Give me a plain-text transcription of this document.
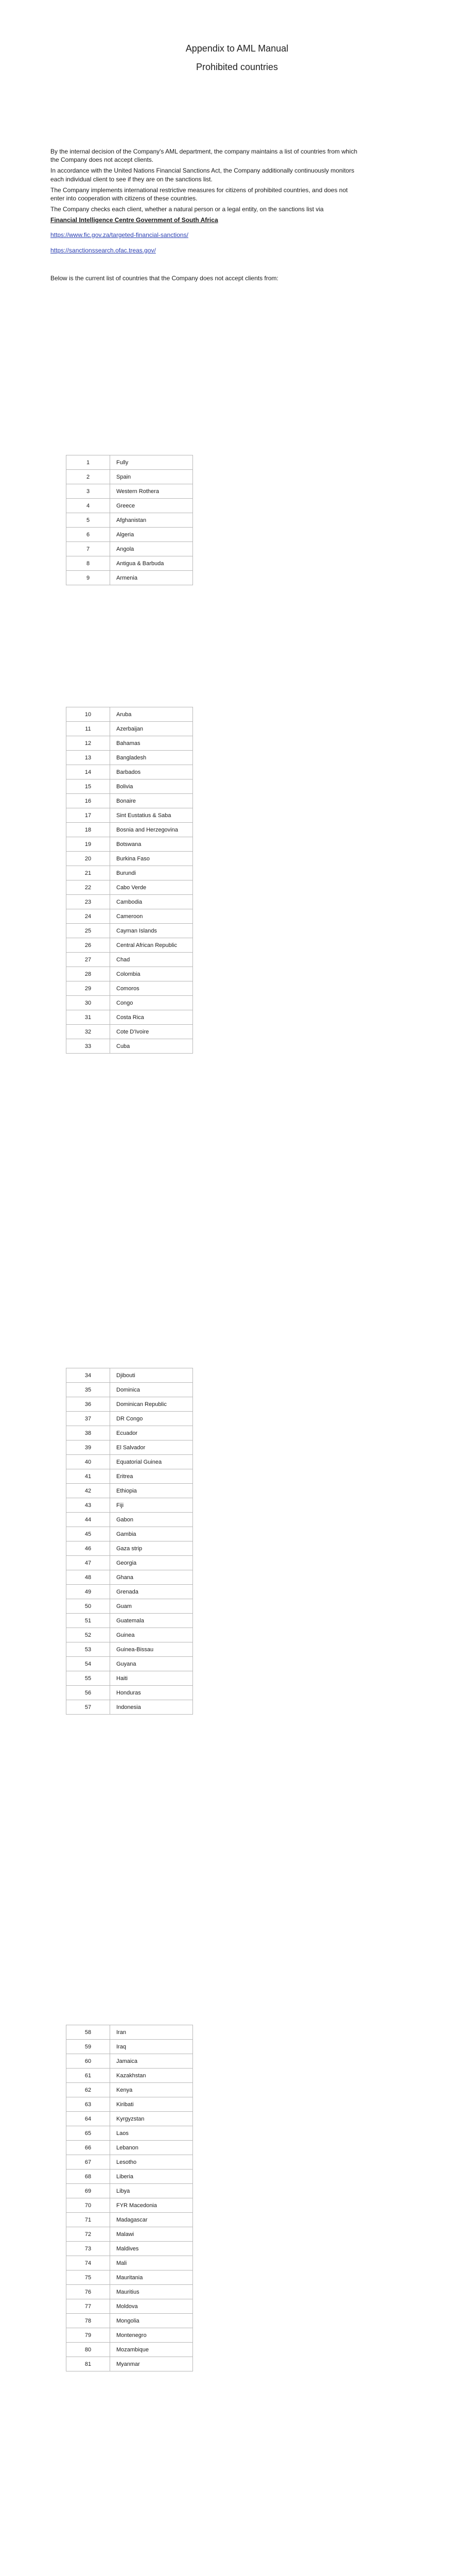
Appendix to AML Manual
Prohibited countries

By the internal decision of the Company's AML department, the company maintains a list of countries from which the Company does not accept clients.

In accordance with the United Nations Financial Sanctions Act, the Company additionally continuously monitors each individual client to see if they are on the sanctions list.

The Company implements international restrictive measures for citizens of prohibited countries, and does not enter into cooperation with citizens of these countries.

The Company checks each client, whether a natural person or a legal entity, on the sanctions list via

Financial Intelligence Centre Government of South Africa

https://www.fic.gov.za/targeted-financial-sanctions/
https://sanctionssearch.ofac.treas.gov/

Below is the current list of countries that the Company does not accept clients from:

1	Fully
2	Spain
3	Western Rothera
4	Greece
5	Afghanistan
6	Algeria
7	Angola
8	Antigua & Barbuda
9	Armenia
10	Aruba
11	Azerbaijan
12	Bahamas
13	Bangladesh
14	Barbados
15	Bolivia
16	Bonaire
17	Sint Eustatius & Saba
18	Bosnia and Herzegovina
19	Botswana
20	Burkina Faso
21	Burundi
22	Cabo Verde
23	Cambodia
24	Cameroon
25	Cayman Islands
26	Central African Republic
27	Chad
28	Colombia
29	Comoros
30	Congo
31	Costa Rica
32	Cote D'Ivoire
33	Cuba
34	Djibouti
35	Dominica
36	Dominican Republic
37	DR Congo
38	Ecuador
39	El Salvador
40	Equatorial Guinea
41	Eritrea
42	Ethiopia
43	Fiji
44	Gabon
45	Gambia
46	Gaza strip
47	Georgia
48	Ghana
49	Grenada
50	Guam
51	Guatemala
52	Guinea
53	Guinea-Bissau
54	Guyana
55	Haiti
56	Honduras
57	Indonesia
58	Iran
59	Iraq
60	Jamaica
61	Kazakhstan
62	Kenya
63	Kiribati
64	Kyrgyzstan
65	Laos
66	Lebanon
67	Lesotho
68	Liberia
69	Libya
70	FYR Macedonia
71	Madagascar
72	Malawi
73	Maldives
74	Mali
75	Mauritania
76	Mauritius
77	Moldova
78	Mongolia
79	Montenegro
80	Mozambique
81	Myanmar
